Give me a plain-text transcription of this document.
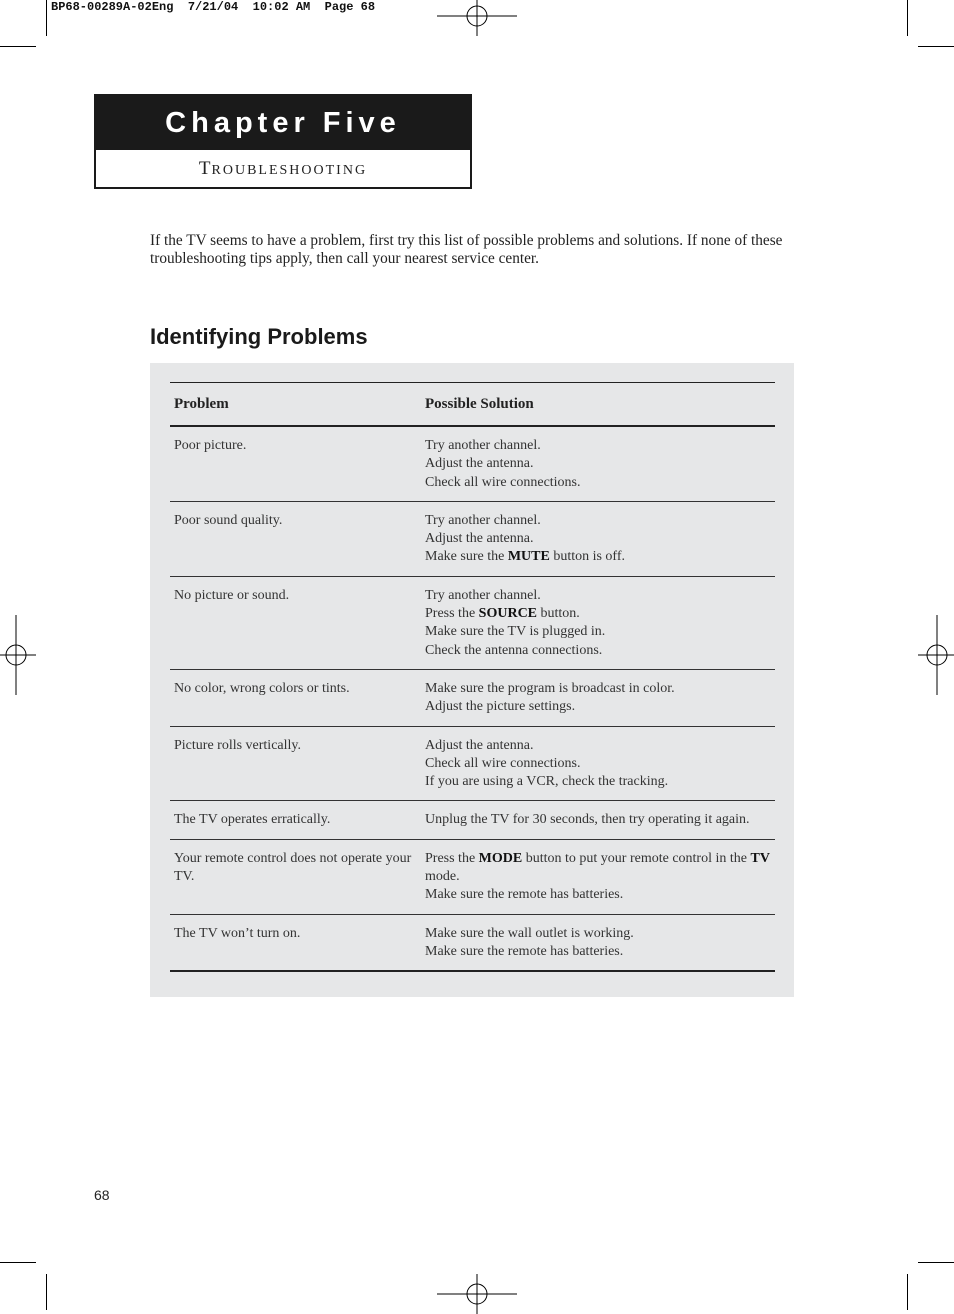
BP68-00289A-02Eng  7/21/04  10:02 AM  Page 68
Chapter Five
TROUBLESHOOTING
If the TV seems to have a problem, first try this list of possible problems and solutions. If none of these troubleshooting tips apply, then call your nearest service center.
Identifying Problems
Problem	Possible Solution
Poor picture.	Try another channel.
Adjust the antenna.
Check all wire connections.

Poor sound quality.	Try another channel.
Adjust the antenna.
Make sure the MUTE button is off.

No picture or sound.	Try another channel.
Press the SOURCE button.
Make sure the TV is plugged in.
Check the antenna connections.

No color, wrong colors or tints.	Make sure the program is broadcast in color.
Adjust the picture settings.

Picture rolls vertically.	Adjust the antenna.
Check all wire connections.
If you are using a VCR, check the tracking.

The TV operates erratically.	Unplug the TV for 30 seconds, then try operating it again.

Your remote control does not operate your TV.	Press the MODE button to put your remote control in the TV mode.
Make sure the remote has batteries.

The TV won’t turn on.	Make sure the wall outlet is working.
Make sure the remote has batteries.
68
